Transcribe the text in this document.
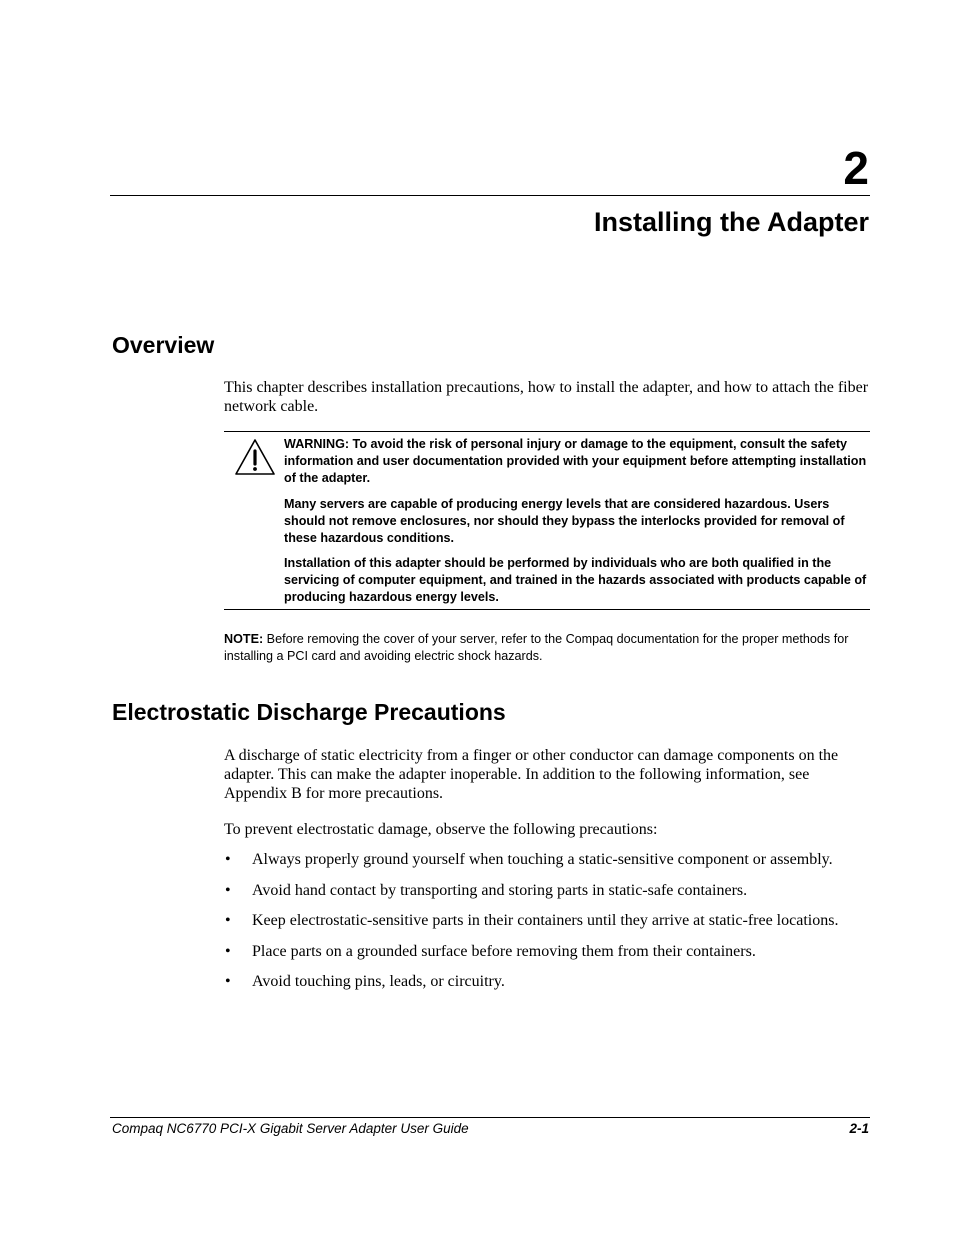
2
Installing the Adapter
Overview

This chapter describes installation precautions, how to install the adapter, and how to attach the fiber network cable.

WARNING: To avoid the risk of personal injury or damage to the equipment, consult the safety information and user documentation provided with your equipment before attempting installation of the adapter.

Many servers are capable of producing energy levels that are considered hazardous. Users should not remove enclosures, nor should they bypass the interlocks provided for removal of these hazardous conditions.

Installation of this adapter should be performed by individuals who are both qualified in the servicing of computer equipment, and trained in the hazards associated with products capable of producing hazardous energy levels.

NOTE: Before removing the cover of your server, refer to the Compaq documentation for the proper methods for installing a PCI card and avoiding electric shock hazards.

Electrostatic Discharge Precautions

A discharge of static electricity from a finger or other conductor can damage components on the adapter. This can make the adapter inoperable. In addition to the following information, see Appendix B for more precautions.

To prevent electrostatic damage, observe the following precautions:

• Always properly ground yourself when touching a static-sensitive component or assembly.
• Avoid hand contact by transporting and storing parts in static-safe containers.
• Keep electrostatic-sensitive parts in their containers until they arrive at static-free locations.
• Place parts on a grounded surface before removing them from their containers.
• Avoid touching pins, leads, or circuitry.

Compaq NC6770 PCI-X Gigabit Server Adapter User Guide	2-1
